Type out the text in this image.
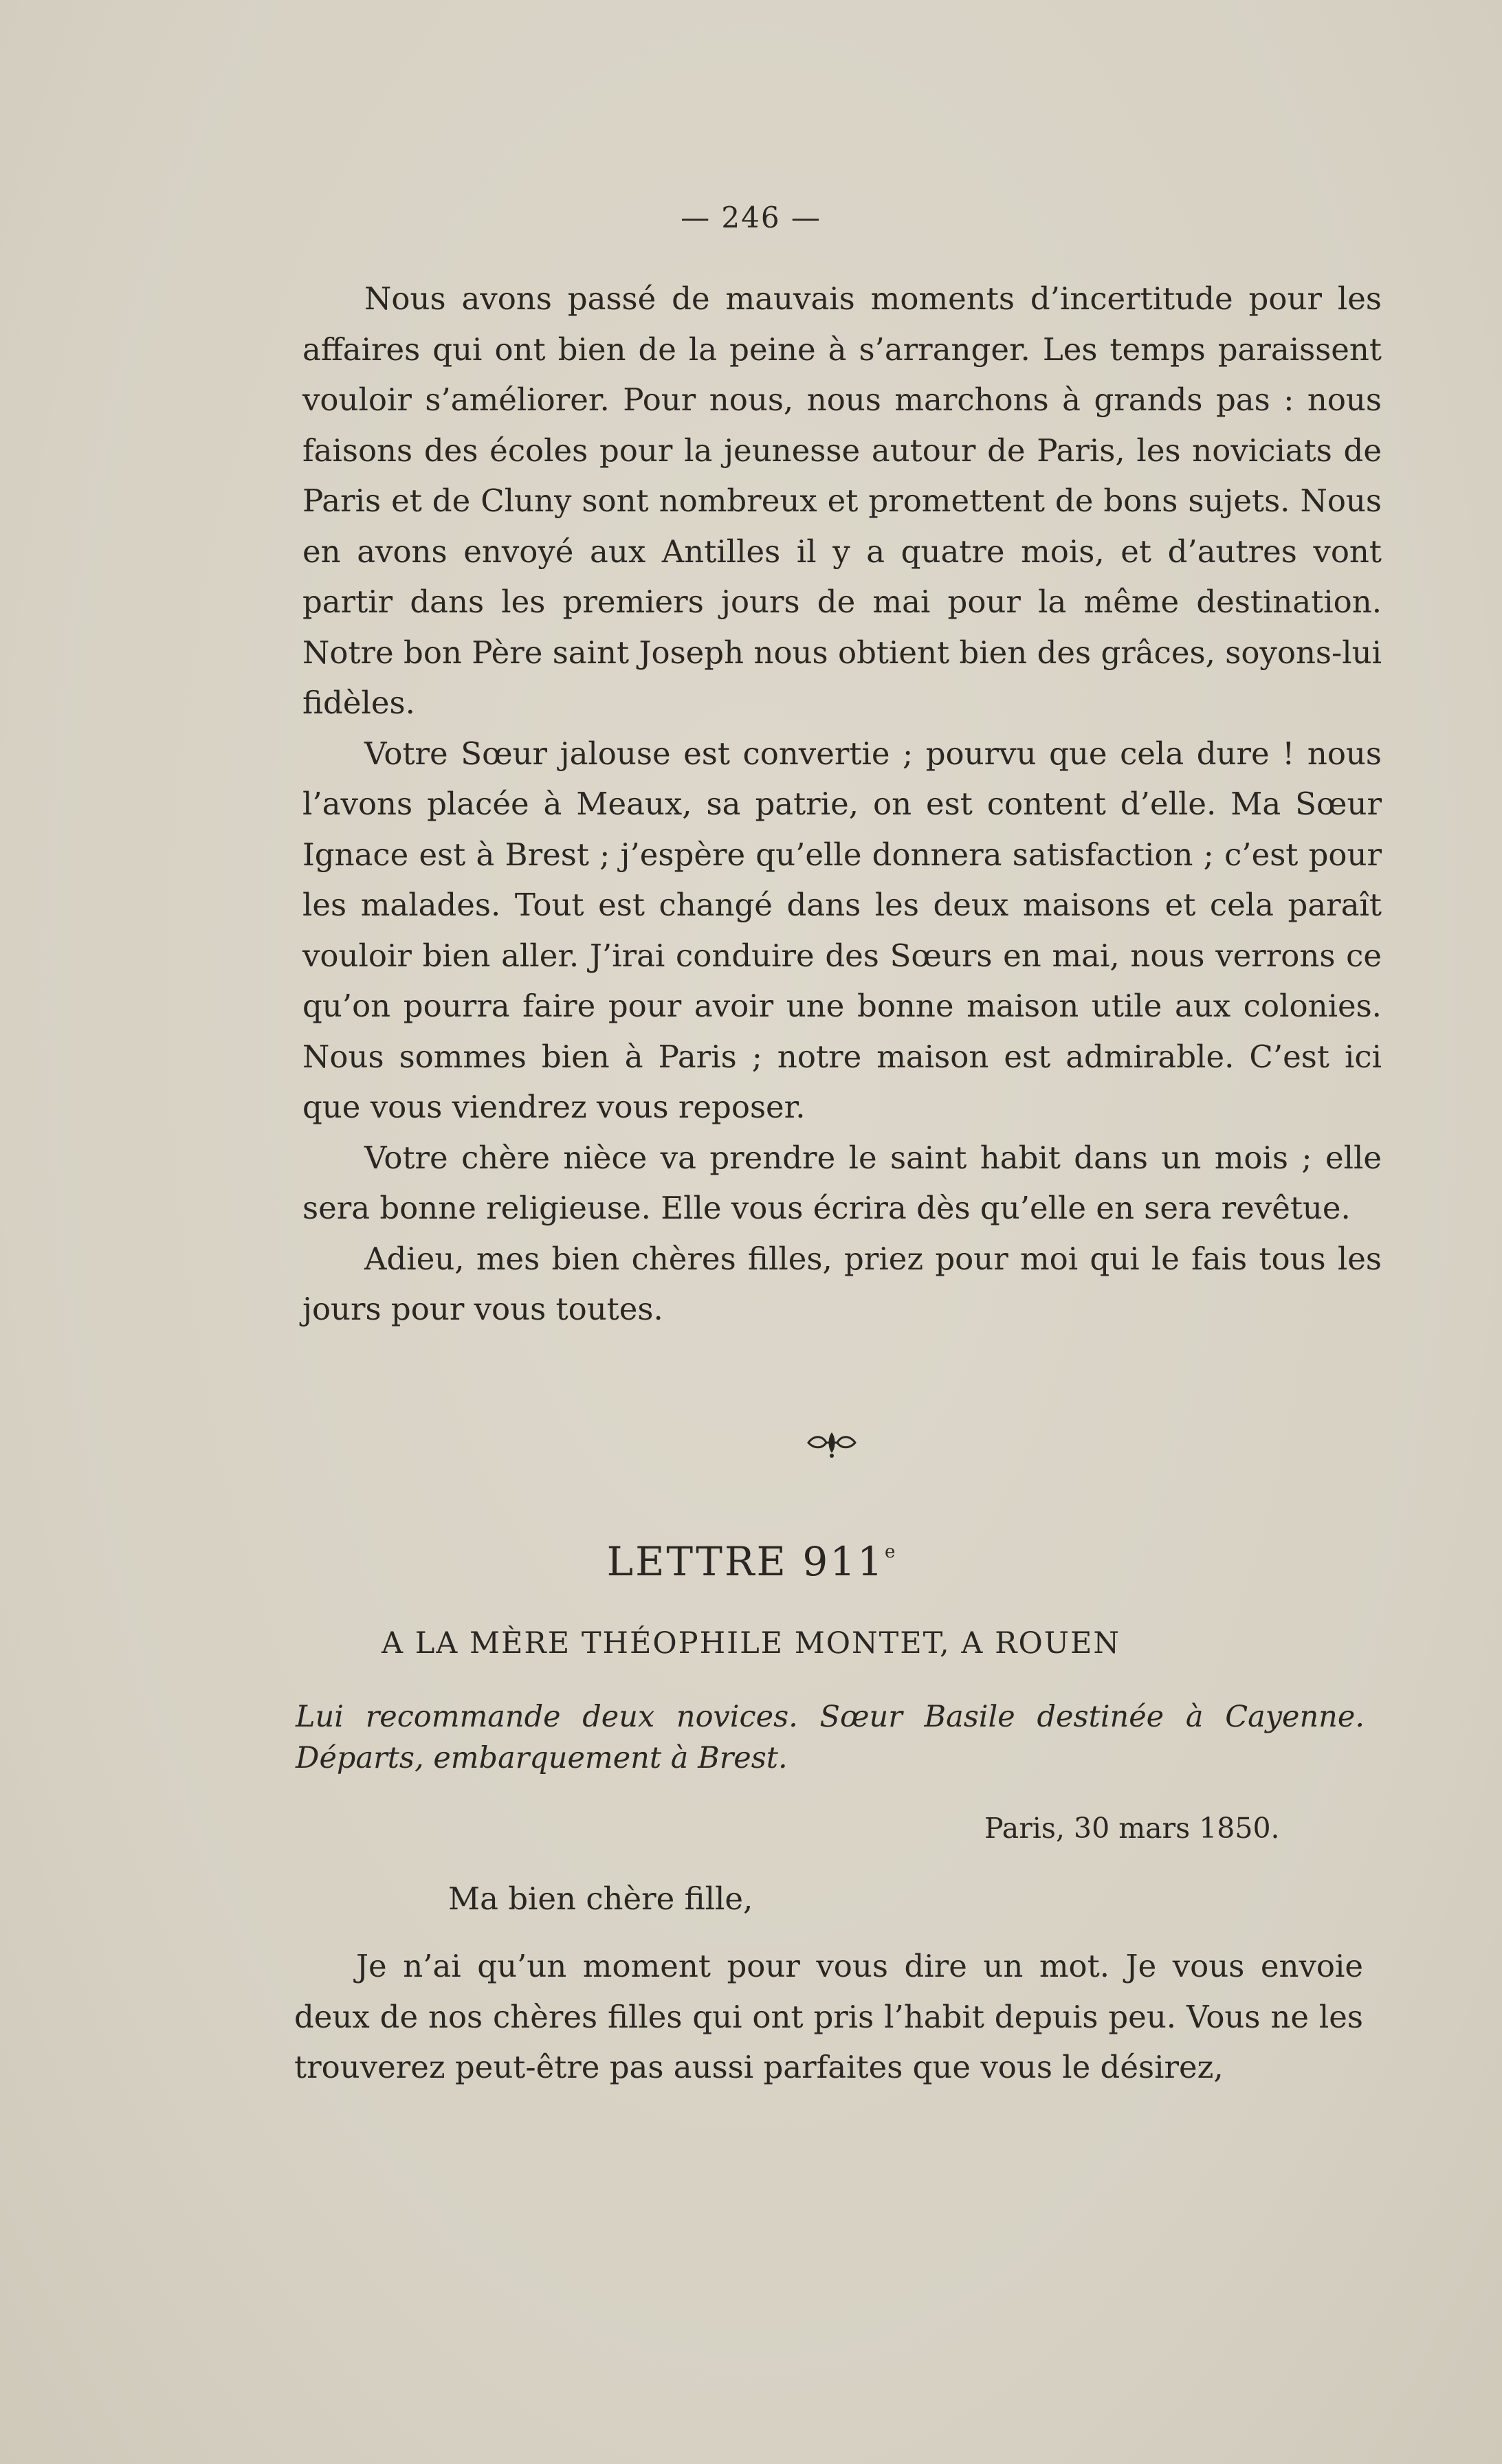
— 246 —

Nous avons passé de mauvais moments d’incertitude pour les affaires qui ont bien de la peine à s’arranger. Les temps paraissent vouloir s’améliorer. Pour nous, nous marchons à grands pas : nous faisons des écoles pour la jeunesse autour de Paris, les noviciats de Paris et de Cluny sont nombreux et promettent de bons sujets. Nous en avons envoyé aux Antilles il y a quatre mois, et d’autres vont partir dans les premiers jours de mai pour la même destination. Notre bon Père saint Joseph nous obtient bien des grâces, soyons-lui fidèles.

Votre Sœur jalouse est convertie ; pourvu que cela dure ! nous l’avons placée à Meaux, sa patrie, on est content d’elle. Ma Sœur Ignace est à Brest ; j’espère qu’elle donnera satisfaction ; c’est pour les malades. Tout est changé dans les deux maisons et cela paraît vouloir bien aller. J’irai conduire des Sœurs en mai, nous verrons ce qu’on pourra faire pour avoir une bonne maison utile aux colonies. Nous sommes bien à Paris ; notre maison est admirable. C’est ici que vous viendrez vous reposer.

Votre chère nièce va prendre le saint habit dans un mois ; elle sera bonne religieuse. Elle vous écrira dès qu’elle en sera revêtue.

Adieu, mes bien chères filles, priez pour moi qui le fais tous les jours pour vous toutes.

LETTRE 911e
A LA MÈRE THÉOPHILE MONTET, A ROUEN
Lui recommande deux novices. Sœur Basile destinée à Cayenne. Départs, embarquement à Brest.
Paris, 30 mars 1850.
Ma bien chère fille,

Je n’ai qu’un moment pour vous dire un mot. Je vous envoie deux de nos chères filles qui ont pris l’habit depuis peu. Vous ne les trouverez peut-être pas aussi parfaites que vous le désirez,
